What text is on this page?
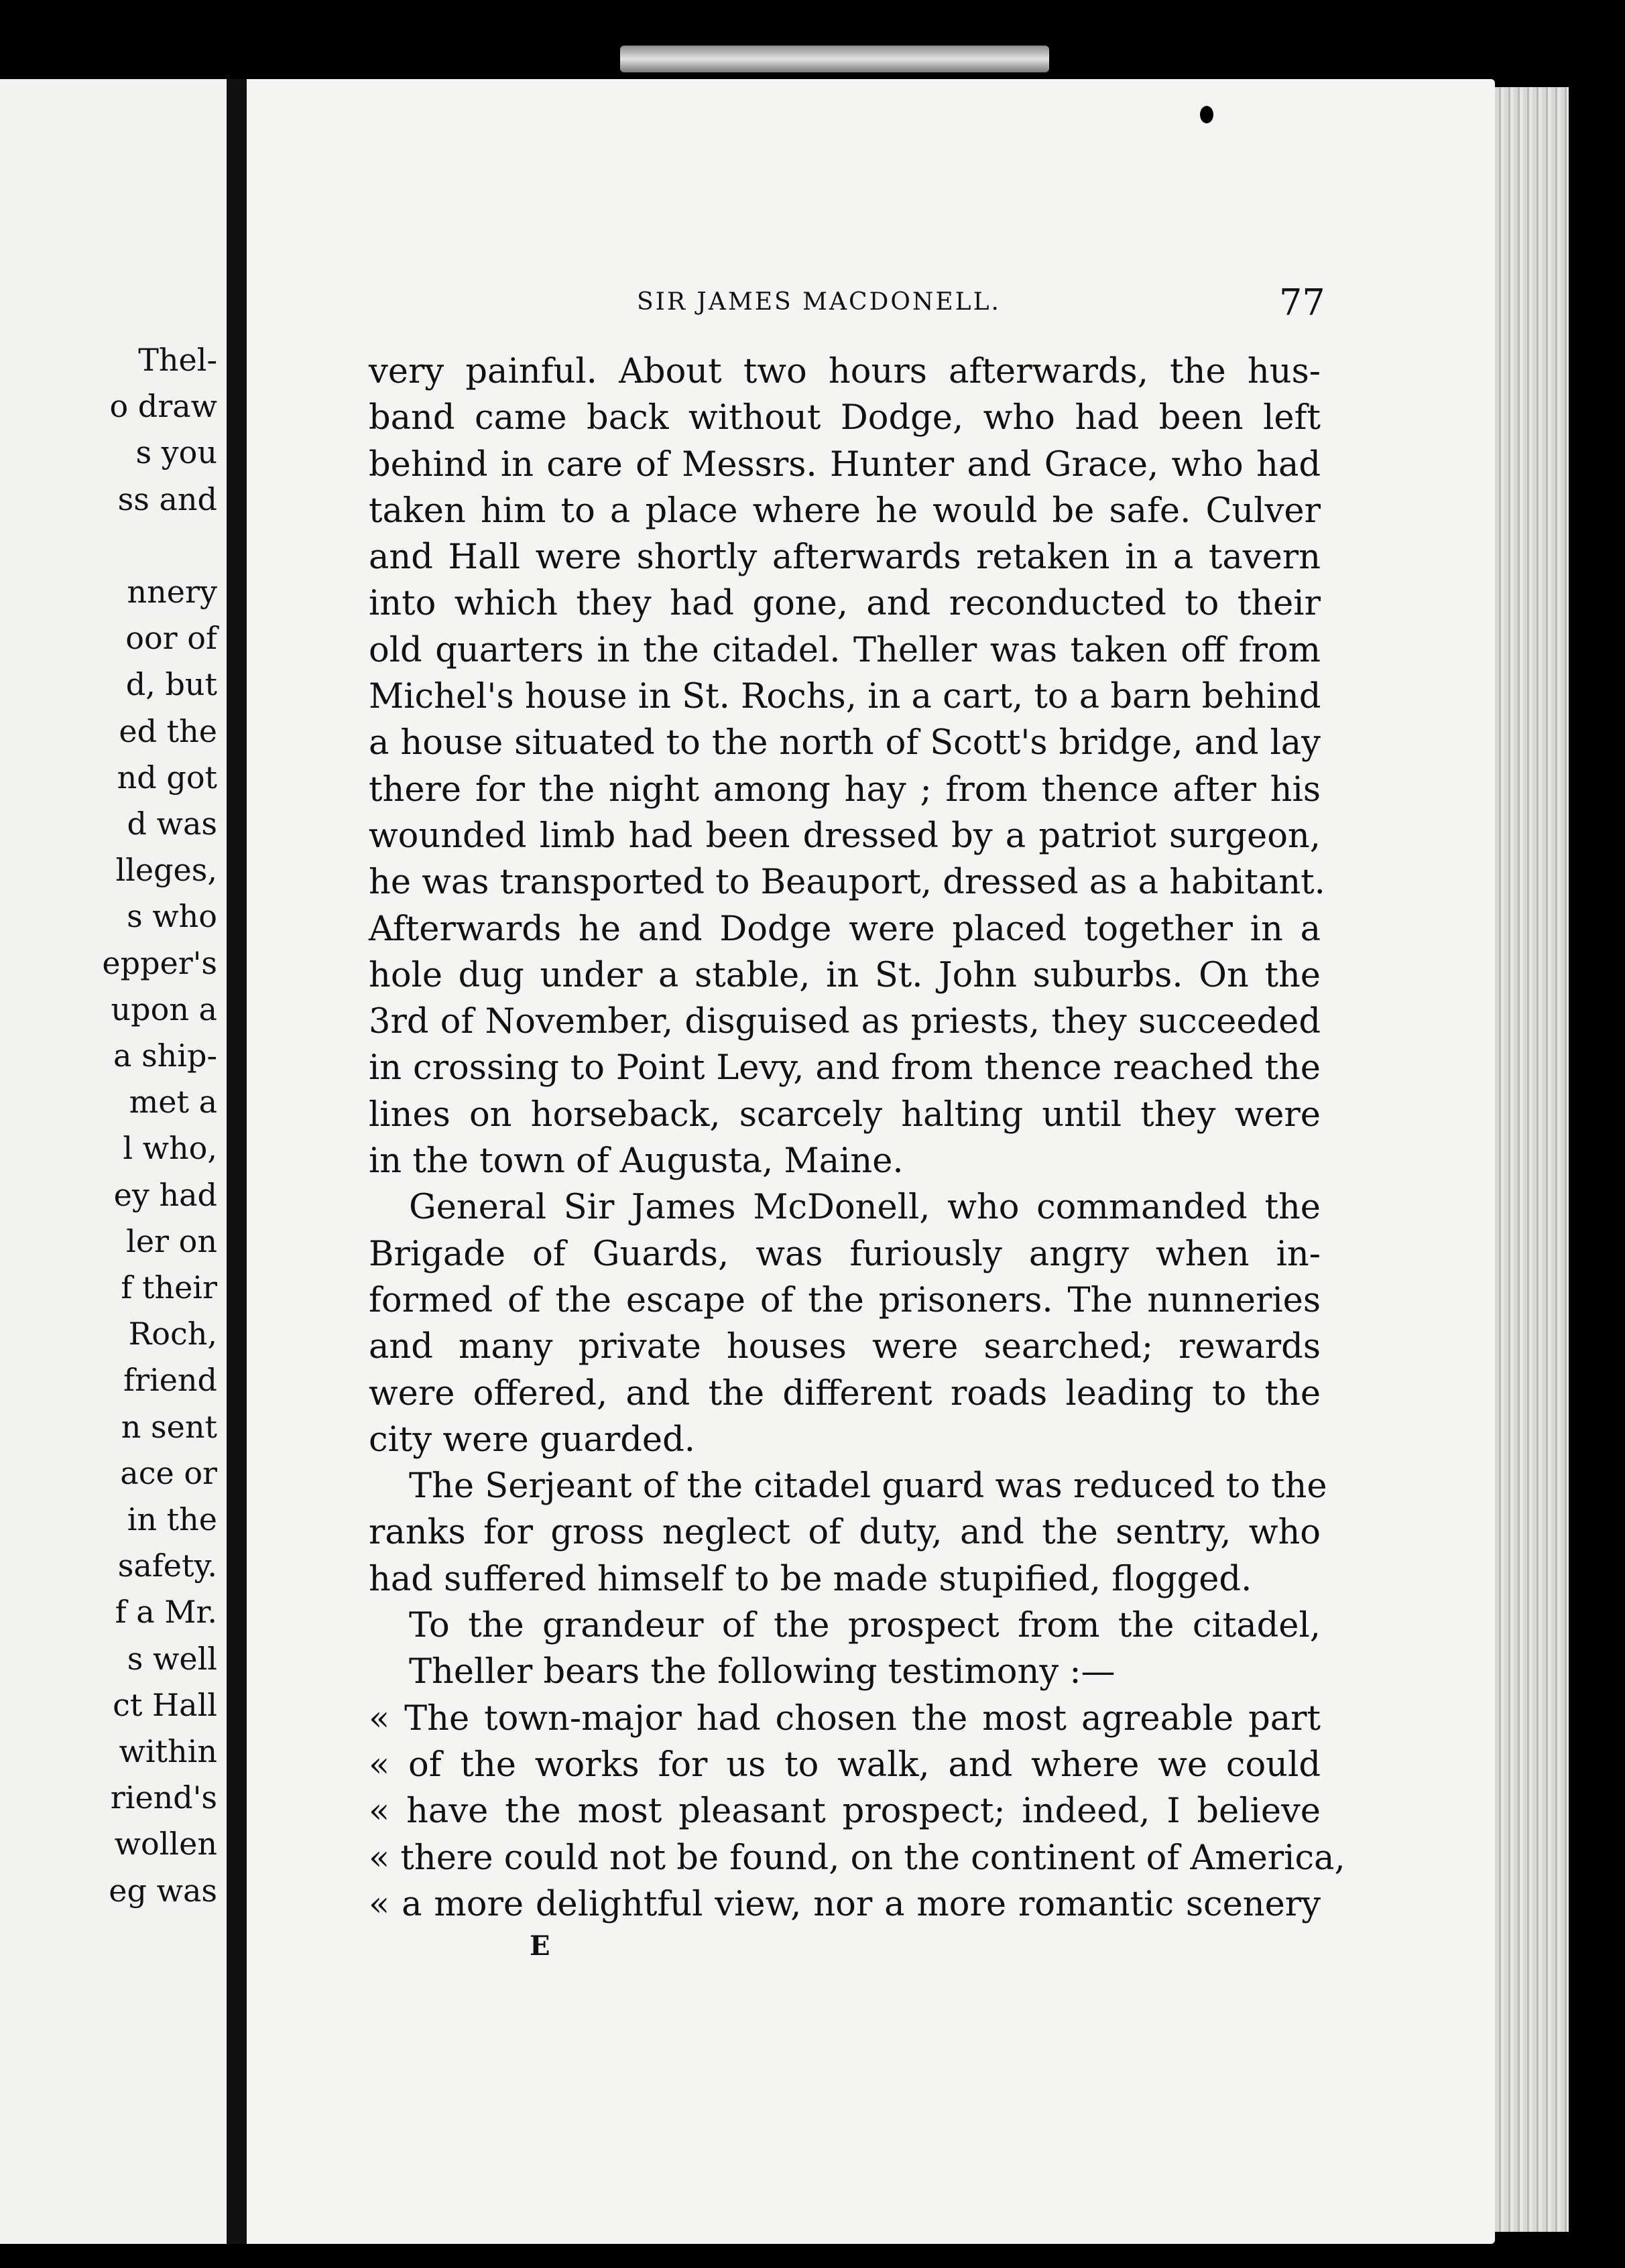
Thel-
o draw
s you
ss and
nnery
oor of
d, but
ed the
nd got
d was
lleges,
s who
epper's
upon a
a ship-
met a
l who,
ey had
ler on
f their
Roch,
friend
n sent
ace or
in the
safety.
f a Mr.
s well
ct Hall
within
riend's
wollen
eg was
SIR JAMES MACDONELL.	77
very painful. About two hours afterwards, the hus-
band came back without Dodge, who had been left
behind in care of Messrs. Hunter and Grace, who had
taken him to a place where he would be safe. Culver
and Hall were shortly afterwards retaken in a tavern
into which they had gone, and reconducted to their
old quarters in the citadel. Theller was taken off from
Michel's house in St. Rochs, in a cart, to a barn behind
a house situated to the north of Scott's bridge, and lay
there for the night among hay ; from thence after his
wounded limb had been dressed by a patriot surgeon,
he was transported to Beauport, dressed as a habitant.
Afterwards he and Dodge were placed together in a
hole dug under a stable, in St. John suburbs. On the
3rd of November, disguised as priests, they succeeded
in crossing to Point Levy, and from thence reached the
lines on horseback, scarcely halting until they were
in the town of Augusta, Maine.
General Sir James McDonell, who commanded the
Brigade of Guards, was furiously angry when in-
formed of the escape of the prisoners. The nunneries
and many private houses were searched; rewards
were offered, and the different roads leading to the
city were guarded.
The Serjeant of the citadel guard was reduced to the
ranks for gross neglect of duty, and the sentry, who
had suffered himself to be made stupified, flogged.
To the grandeur of the prospect from the citadel,
Theller bears the following testimony :—
« The town-major had chosen the most agreable part
« of the works for us to walk, and where we could
« have the most pleasant prospect; indeed, I believe
« there could not be found, on the continent of America,
« a more delightful view, nor a more romantic scenery
E
